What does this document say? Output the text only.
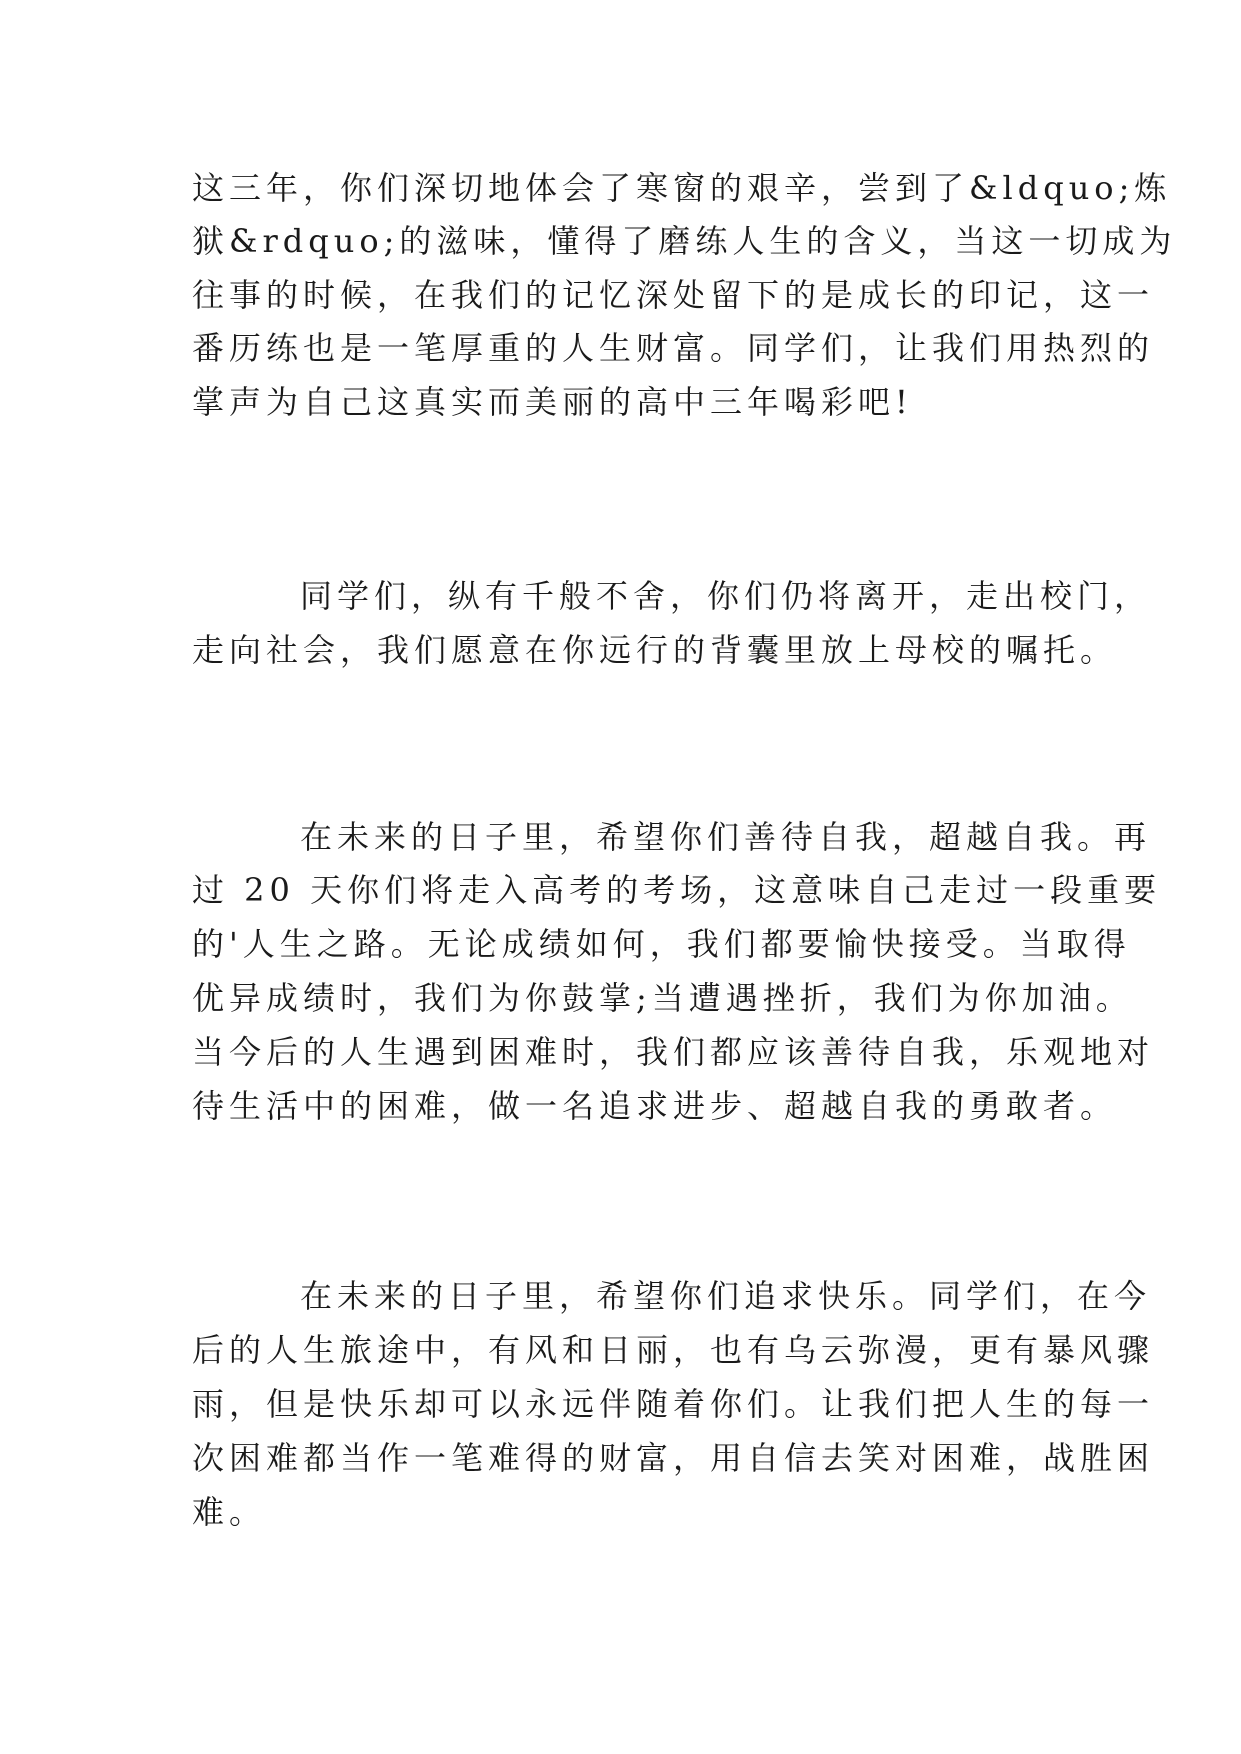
这三年，你们深切地体会了寒窗的艰辛，尝到了&ldquo;炼
狱&rdquo;的滋味，懂得了磨练人生的含义，当这一切成为
往事的时候，在我们的记忆深处留下的是成长的印记，这一
番历练也是一笔厚重的人生财富。同学们，让我们用热烈的
掌声为自己这真实而美丽的高中三年喝彩吧!
同学们，纵有千般不舍，你们仍将离开，走出校门，
走向社会，我们愿意在你远行的背囊里放上母校的嘱托。
在未来的日子里，希望你们善待自我，超越自我。再
过 20 天你们将走入高考的考场，这意味自己走过一段重要
的'人生之路。无论成绩如何，我们都要愉快接受。当取得
优异成绩时，我们为你鼓掌;当遭遇挫折，我们为你加油。
当今后的人生遇到困难时，我们都应该善待自我，乐观地对
待生活中的困难，做一名追求进步、超越自我的勇敢者。
在未来的日子里，希望你们追求快乐。同学们，在今
后的人生旅途中，有风和日丽，也有乌云弥漫，更有暴风骤
雨，但是快乐却可以永远伴随着你们。让我们把人生的每一
次困难都当作一笔难得的财富，用自信去笑对困难，战胜困
难。
